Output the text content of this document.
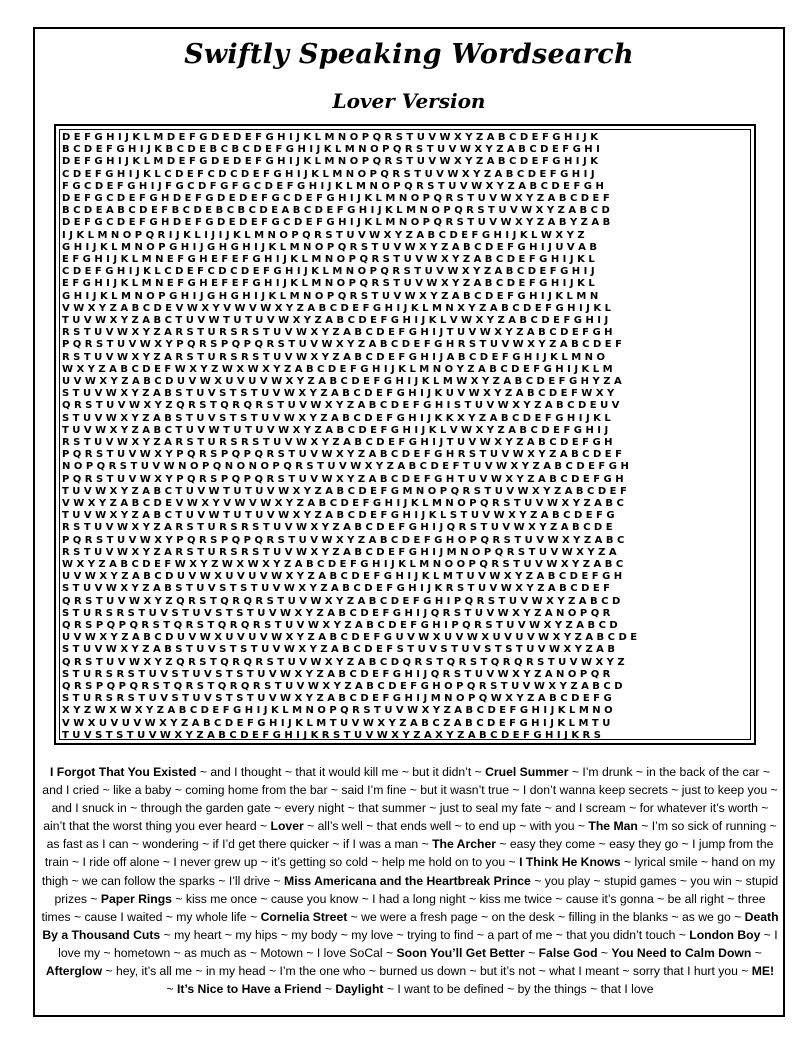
Swiftly Speaking Wordsearch
Lover Version
D E F G H I J K L M D E F G D E D E F G H I J K L M N O P Q R S T U V W X Y Z A B C D E F G H I J K
B C D E F G H I J K B C D E B C B C D E F G H I J K L M N O P Q R S T U V W X Y Z A B C D E F G H I
D E F G H I J K L M D E F G D E D E F G H I J K L M N O P Q R S T U V W X Y Z A B C D E F G H I J K
C D E F G H I J K L C D E F C D C D E F G H I J K L M N O P Q R S T U V W X Y Z A B C D E F G H I J
F G C D E F G H I J F G C D F G F G C D E F G H I J K L M N O P Q R S T U V W X Y Z A B C D E F G H
D E F G C D E F G H D E F G D E D E F G C D E F G H I J K L M N O P Q R S T U V W X Y Z A B C D E F
B C D E A B C D E F B C D E B C B C D E A B C D E F G H I J K L M N O P Q R S T U V W X Y Z A B C D
D E F G C D E F G H D E F G D E D E F G C D E F G H I J K L M N O P Q R S T U V W X Y Z A B Y Z A B
I J K L M N O P Q R I J K L I J I J K L M N O P Q R S T U V W X Y Z A B C D E F G H I J K L W X Y Z
G H I J K L M N O P G H I J G H G H I J K L M N O P Q R S T U V W X Y Z A B C D E F G H I J U V A B
E F G H I J K L M N E F G H E F E F G H I J K L M N O P Q R S T U V W X Y Z A B C D E F G H I J K L
C D E F G H I J K L C D E F C D C D E F G H I J K L M N O P Q R S T U V W X Y Z A B C D E F G H I J
E F G H I J K L M N E F G H E F E F G H I J K L M N O P Q R S T U V W X Y Z A B C D E F G H I J K L
G H I J K L M N O P G H I J G H G H I J K L M N O P Q R S T U V W X Y Z A B C D E F G H I J K L M N
V W X Y Z A B C D E V W X Y V W V W X Y Z A B C D E F G H I J K L M N X Y Z A B C D E F G H I J K L
T U V W X Y Z A B C T U V W T U T U V W X Y Z A B C D E F G H I J K L V W X Y Z A B C D E F G H I J
R S T U V W X Y Z A R S T U R S R S T U V W X Y Z A B C D E F G H I J T U V W X Y Z A B C D E F G H
P Q R S T U V W X Y P Q R S P Q P Q R S T U V W X Y Z A B C D E F G H R S T U V W X Y Z A B C D E F
R S T U V W X Y Z A R S T U R S R S T U V W X Y Z A B C D E F G H I J A B C D E F G H I J K L M N O
W X Y Z A B C D E F W X Y Z W X W X Y Z A B C D E F G H I J K L M N O Y Z A B C D E F G H I J K L M
U V W X Y Z A B C D U V W X U V U V W X Y Z A B C D E F G H I J K L M W X Y Z A B C D E F G H Y Z A
S T U V W X Y Z A B S T U V S T S T U V W X Y Z A B C D E F G H I J K U V W X Y Z A B C D E F W X Y
Q R S T U V W X Y Z Q R S T Q R Q R S T U V W X Y Z A B C D E F G H I S T U V W X Y Z A B C D E U V
S T U V W X Y Z A B S T U V S T S T U V W X Y Z A B C D E F G H I J K K X Y Z A B C D E F G H I J K L
T U V W X Y Z A B C T U V W T U T U V W X Y Z A B C D E F G H I J K L V W X Y Z A B C D E F G H I J
R S T U V W X Y Z A R S T U R S R S T U V W X Y Z A B C D E F G H I J T U V W X Y Z A B C D E F G H
P Q R S T U V W X Y P Q R S P Q P Q R S T U V W X Y Z A B C D E F G H R S T U V W X Y Z A B C D E F
N O P Q R S T U V W N O P Q N O N O P Q R S T U V W X Y Z A B C D E F T U V W X Y Z A B C D E F G H
P Q R S T U V W X Y P Q R S P Q P Q R S T U V W X Y Z A B C D E F G H T U V W X Y Z A B C D E F G H
T U V W X Y Z A B C T U V W T U T U V W X Y Z A B C D E F G M N O P Q R S T U V W X Y Z A B C D E F
V W X Y Z A B C D E V W X Y V W V W X Y Z A B C D E F G H I J K L M N O P Q R S T U V W X Y Z A B C
T U V W X Y Z A B C T U V W T U T U V W X Y Z A B C D E F G H I J K L S T U V W X Y Z A B C D E F G
R S T U V W X Y Z A R S T U R S R S T U V W X Y Z A B C D E F G H I J Q R S T U V W X Y Z A B C D E
P Q R S T U V W X Y P Q R S P Q P Q R S T U V W X Y Z A B C D E F G H O P Q R S T U V W X Y Z A B C
R S T U V W X Y Z A R S T U R S R S T U V W X Y Z A B C D E F G H I J M N O P Q R S T U V W X Y Z A
W X Y Z A B C D E F W X Y Z W X W X Y Z A B C D E F G H I J K L M N O O P Q R S T U V W X Y Z A B C
U V W X Y Z A B C D U V W X U V U V W X Y Z A B C D E F G H I J K L M T U V W X Y Z A B C D E F G H
S T U V W X Y Z A B S T U V S T S T U V W X Y Z A B C D E F G H I J K R S T U V W X Y Z A B C D E F
Q R S T U V W X Y Z Q R S T Q R Q R S T U V W X Y Z A B C D E F G H I P Q R S T U V W X Y Z A B C D
S T U R S R S T U V S T U V S T S T U V W X Y Z A B C D E F G H I J Q R S T U V W X Y Z A N O P Q R
Q R S P Q P Q R S T Q R S T Q R Q R S T U V W X Y Z A B C D E F G H I P Q R S T U V W X Y Z A B C D
U V W X Y Z A B C D U V W X U V U V W X Y Z A B C D E F G U V W X U V W X U V U V W X Y Z A B C D E
S T U V W X Y Z A B S T U V S T S T U V W X Y Z A B C D E F S T U V S T U V S T S T U V W X Y Z A B
Q R S T U V W X Y Z Q R S T Q R Q R S T U V W X Y Z A B C D Q R S T Q R S T Q R Q R S T U V W X Y Z
S T U R S R S T U V S T U V S T S T U V W X Y Z A B C D E F G H I J Q R S T U V W X Y Z A N O P Q R
Q R S P Q P Q R S T Q R S T Q R Q R S T U V W X Y Z A B C D E F G H O P Q R S T U V W X Y Z A B C D
S T U R S R S T U V S T U V S T S T U V W X Y Z A B C D E F G H I J M N O P Q W X Y Z A B C D E F G
X Y Z W X W X Y Z A B C D E F G H I J K L M N O P Q R S T U V W X Y Z A B C D E F G H I J K L M N O
V W X U V U V W X Y Z A B C D E F G H I J K L M T U V W X Y Z A B C Z A B C D E F G H I J K L M T U
T U V S T S T U V W X Y Z A B C D E F G H I J K R S T U V W X Y Z A X Y Z A B C D E F G H I J K R S
I Forgot That You Existed ~ and I thought ~ that it would kill me ~ but it didn’t ~ Cruel Summer ~ I’m drunk ~ in the back of the car ~ and I cried ~ like a baby ~ coming home from the bar ~ said I’m fine ~ but it wasn’t true ~ I don’t wanna keep secrets ~ just to keep you ~ and I snuck in ~ through the garden gate ~ every night ~ that summer ~ just to seal my fate ~ and I scream ~ for whatever it’s worth ~ ain’t that the worst thing you ever heard ~ Lover ~ all’s well ~ that ends well ~ to end up ~ with you ~ The Man ~ I’m so sick of running ~ as fast as I can ~ wondering ~ if I’d get there quicker ~ if I was a man ~ The Archer ~ easy they come ~ easy they go ~ I jump from the train ~ I ride off alone ~ I never grew up ~ it’s getting so cold ~ help me hold on to you ~ I Think He Knows ~ lyrical smile ~ hand on my thigh ~ we can follow the sparks ~ I’ll drive ~ Miss Americana and the Heartbreak Prince ~ you play ~ stupid games ~ you win ~ stupid prizes ~ Paper Rings ~ kiss me once ~ cause you know ~ I had a long night ~ kiss me twice ~ cause it’s gonna ~ be all right ~ three times ~ cause I waited ~ my whole life ~ Cornelia Street ~ we were a fresh page ~ on the desk ~ filling in the blanks ~ as we go ~ Death By a Thousand Cuts ~ my heart ~ my hips ~ my body ~ my love ~ trying to find ~ a part of me ~ that you didn’t touch ~ London Boy ~ I love my ~ hometown ~ as much as ~ Motown ~ I love SoCal ~ Soon You’ll Get Better ~ False God ~ You Need to Calm Down ~ Afterglow ~ hey, it’s all me ~ in my head ~ I’m the one who ~ burned us down ~ but it’s not ~ what I meant ~ sorry that I hurt you ~ ME! ~ It’s Nice to Have a Friend ~ Daylight ~ I want to be defined ~ by the things ~ that I love
